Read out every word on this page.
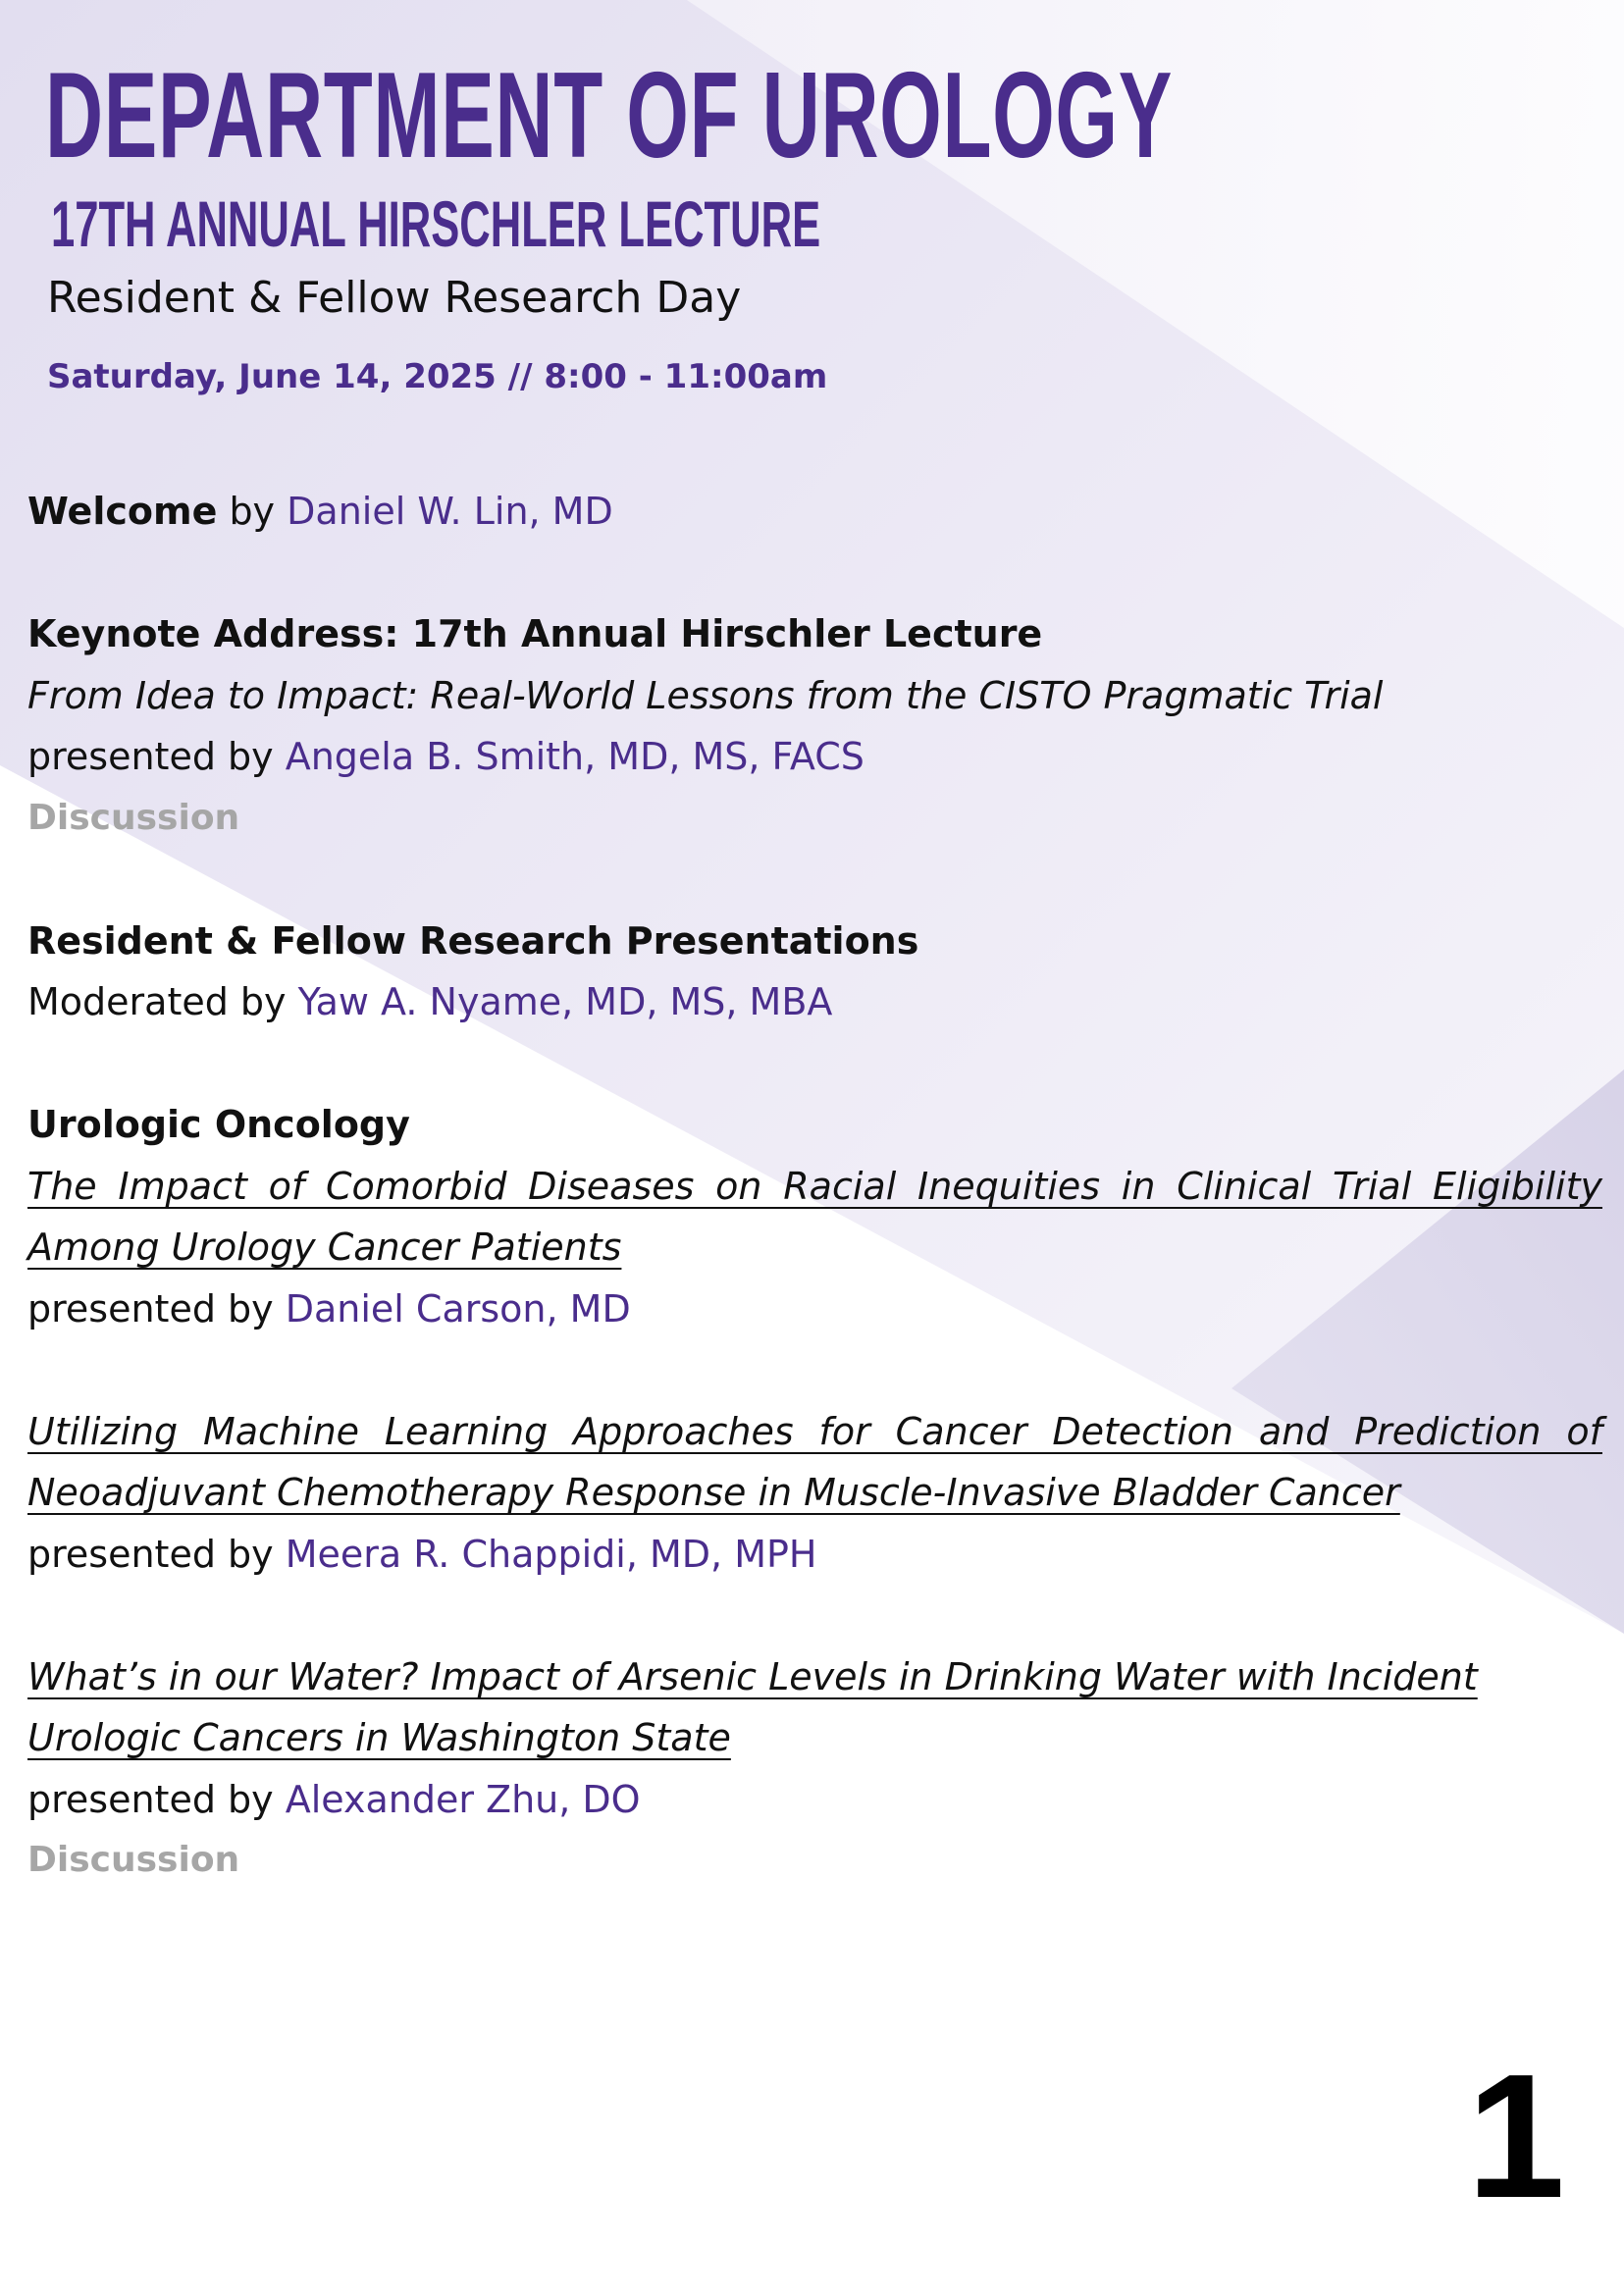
DEPARTMENT OF UROLOGY
17TH ANNUAL HIRSCHLER LECTURE
Resident & Fellow Research Day
Saturday, June 14, 2025 // 8:00 - 11:00am
Welcome by Daniel W. Lin, MD
Keynote Address: 17th Annual Hirschler Lecture
From Idea to Impact: Real-World Lessons from the CISTO Pragmatic Trial
presented by Angela B. Smith, MD, MS, FACS
Discussion
Resident & Fellow Research Presentations
Moderated by Yaw A. Nyame, MD, MS, MBA
Urologic Oncology
The Impact of Comorbid Diseases on Racial Inequities in Clinical Trial Eligibility
Among Urology Cancer Patients
presented by Daniel Carson, MD
Utilizing Machine Learning Approaches for Cancer Detection and Prediction of
Neoadjuvant Chemotherapy Response in Muscle-Invasive Bladder Cancer
presented by Meera R. Chappidi, MD, MPH
What’s in our Water? Impact of Arsenic Levels in Drinking Water with Incident
Urologic Cancers in Washington State
presented by Alexander Zhu, DO
Discussion
1
